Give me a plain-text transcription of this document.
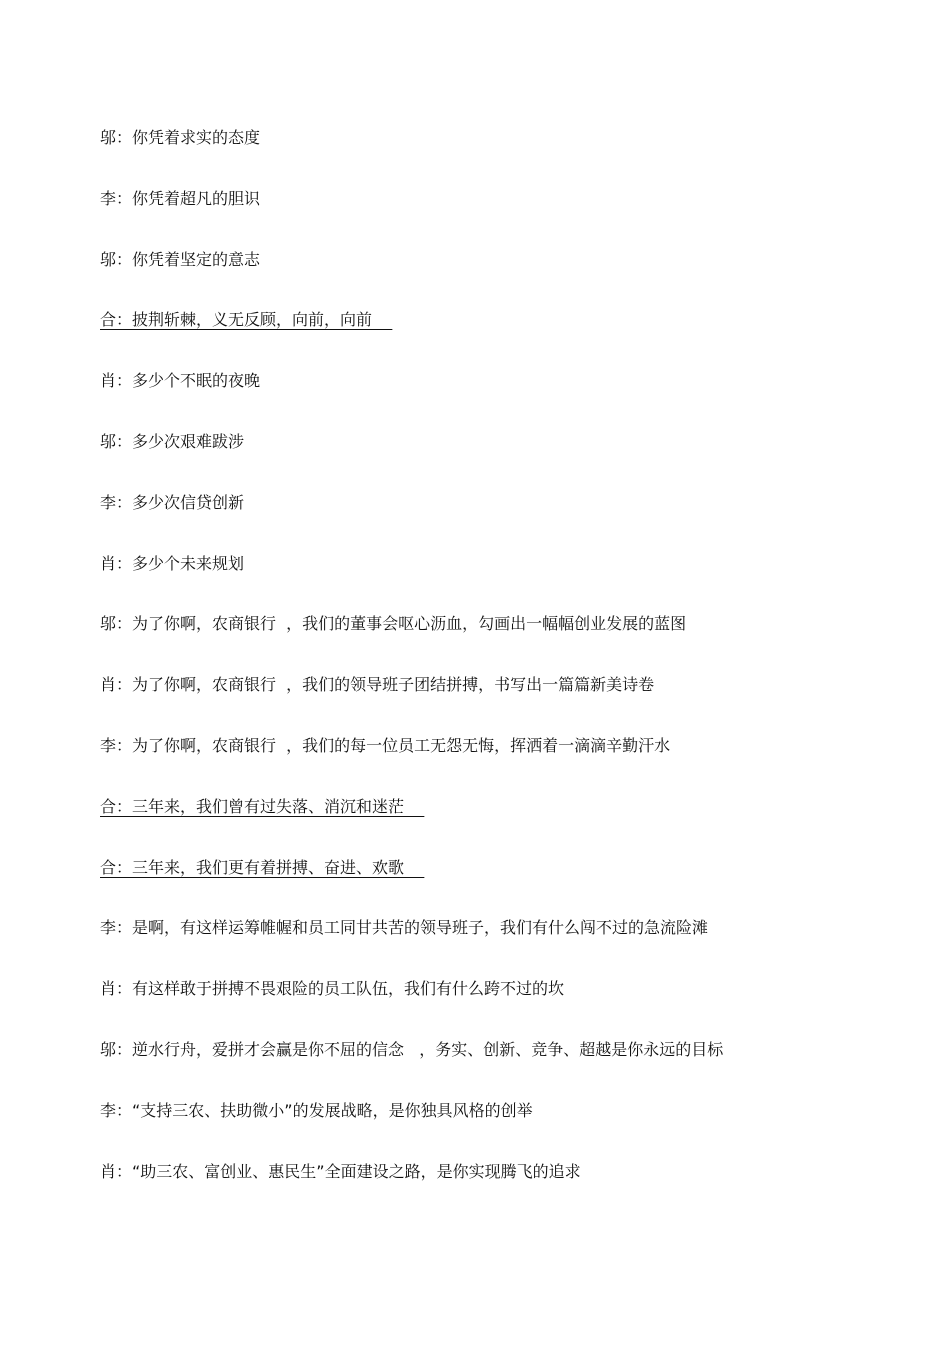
邬：你凭着求实的态度
李：你凭着超凡的胆识
邬：你凭着坚定的意志
合：披荆斩棘，义无反顾，向前，向前
肖：多少个不眠的夜晚
邬：多少次艰难跋涉
李：多少次信贷创新
肖：多少个未来规划
邬：为了你啊，农商银行  ，我们的董事会呕心沥血，勾画出一幅幅创业发展的蓝图
肖：为了你啊，农商银行  ，我们的领导班子团结拼搏，书写出一篇篇新美诗卷
李：为了你啊，农商银行  ，我们的每一位员工无怨无悔，挥洒着一滴滴辛勤汗水
合：三年来，我们曾有过失落、消沉和迷茫
合：三年来，我们更有着拼搏、奋进、欢歌
李：是啊，有这样运筹帷幄和员工同甘共苦的领导班子，我们有什么闯不过的急流险滩
肖：有这样敢于拼搏不畏艰险的员工队伍，我们有什么跨不过的坎
邬：逆水行舟，爱拼才会赢是你不屈的信念   ，务实、创新、竞争、超越是你永远的目标
李：“支持三农、扶助微小”的发展战略，是你独具风格的创举
肖：“助三农、富创业、惠民生”全面建设之路，是你实现腾飞的追求
